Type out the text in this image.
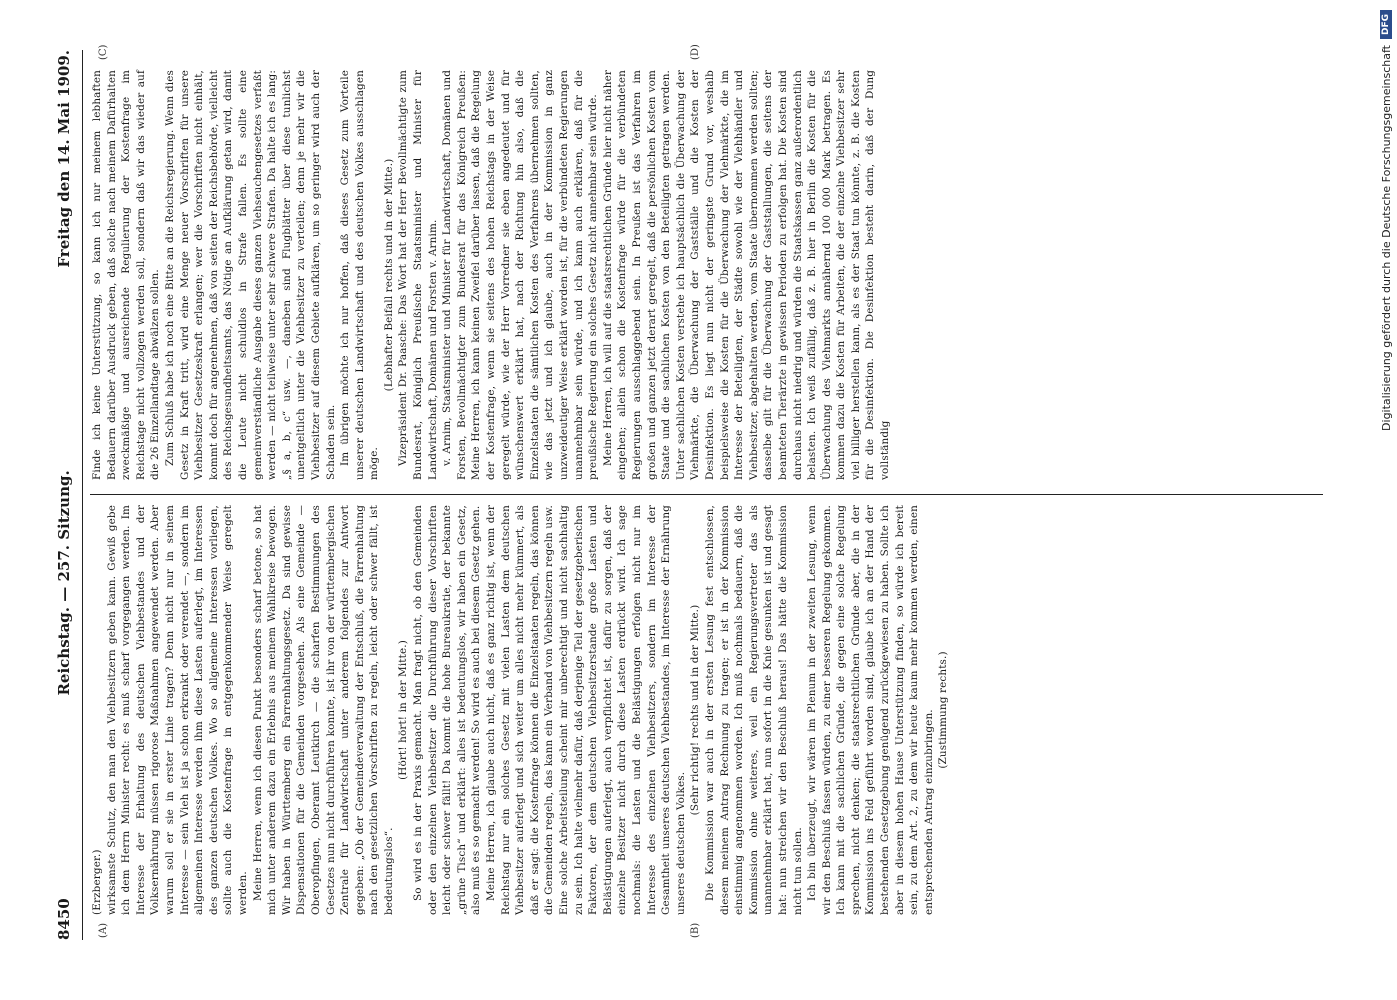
8450
Reichstag. — 257. Sitzung.
Freitag den 14. Mai 1909.
(A)	(B)
(C)	(D)

(Erzberger.) wirksamste Schutz, den man den Viehbesitzern geben kann. Gewiß gebe ich dem Herrn Minister recht: es muß scharf vorgegangen werden. Im Interesse der Erhaltung des deutschen Viehbestandes und der Volksernährung müssen rigorose Maßnahmen angewendet werden. Aber warum soll er sie in erster Linie tragen? Denn nicht nur in seinem Interesse — sein Vieh ist ja schon erkrankt oder verendet —, sondern im allgemeinen Interesse werden ihm diese Lasten auferlegt, im Interessen des ganzen deutschen Volkes. Wo so allgemeine Interessen vorliegen, sollte auch die Kostenfrage in entgegenkommender Weise geregelt werden. Meine Herren, wenn ich diesen Punkt besonders scharf betone, so hat mich unter anderem dazu ein Erlebnis aus meinem Wahlkreise bewogen. Wir haben in Württemberg ein Farrenhaltungsgesetz. Da sind gewisse Dispensationen für die Gemeinden vorgesehen. Als eine Gemeinde — Oberopfingen, Oberamt Leutkirch — die scharfen Bestimmungen des Gesetzes nun nicht durchführen konnte, ist ihr von der württembergischen Zentrale für Landwirtschaft unter anderem folgendes zur Antwort gegeben: „Ob der Gemeindeverwaltung der Entschluß, die Farrenhaltung nach den gesetzlichen Vorschriften zu regeln, leicht oder schwer fällt, ist bedeutungslos“.

(Hört! hört! in der Mitte.) So wird es in der Praxis gemacht. Man fragt nicht, ob den Gemeinden oder den einzelnen Viehbesitzer die Durchführung dieser Vorschriften leicht oder schwer fällt! Da kommt die hohe Bureaukratie, der bekannte „grüne Tisch“ und erklärt: alles ist bedeutungslos, wir haben ein Gesetz, also muß es so gemacht werden! So wird es auch bei diesem Gesetz gehen. Meine Herren, ich glaube auch nicht, daß es ganz richtig ist, wenn der Reichstag nur ein solches Gesetz mit vielen Lasten dem deutschen Viehbesitzer auferlegt und sich weiter um alles nicht mehr kümmert, als daß er sagt: die Kostenfrage können die Einzelstaaten regeln, das können die Gemeinden regeln, das kann ein Verband von Viehbesitzern regeln usw. Eine solche Arbeitsteilung scheint mir unberechtigt und nicht sachhaltig zu sein. Ich halte vielmehr dafür, daß derjenige Teil der gesetzgeberischen Faktoren, der dem deutschen Viehbesitzerstande große Lasten und Belästigungen auferlegt, auch verpflichtet ist, dafür zu sorgen, daß der einzelne Besitzer nicht durch diese Lasten erdrückt wird. Ich sage nochmals: die Lasten und die Belästigungen erfolgen nicht nur im Interesse des einzelnen Viehbesitzers, sondern im Interesse der Gesamtheit unseres deutschen Viehbestandes, im Interesse der Ernährung unseres deutschen Volkes.

(Sehr richtig! rechts und in der Mitte.) Die Kommission war auch in der ersten Lesung fest entschlossen, diesem meinem Antrag Rechnung zu tragen; er ist in der Kommission einstimmig angenommen worden. Ich muß nochmals bedauern, daß die Kommission ohne weiteres, weil ein Regierungsvertreter das als unannehmbar erklärt hat, nun sofort in die Knie gesunken ist und gesagt hat: nun streichen wir den Beschluß heraus! Das hätte die Kommission nicht tun sollen. Ich bin überzeugt, wir wären im Plenum in der zweiten Lesung, wenn wir den Beschluß fassen würden, zu einer besseren Regelung gekommen. Ich kann mit die sachlichen Gründe, die gegen eine solche Regelung sprechen, nicht denken; die staatsrechtlichen Gründe aber, die in der Kommission ins Feld geführt worden sind, glaube ich an der Hand der bestehenden Gesetzgebung genügend zurückgewiesen zu haben. Sollte ich aber in diesem hohen Hause Unterstützung finden, so würde ich bereit sein, zu dem Art. 2, zu dem wir heute kaum mehr kommen werden, einen entsprechenden Antrag einzubringen. (Zustimmung rechts.)

Finde ich keine Unterstützung, so kann ich nur meinem lebhaften Bedauern darüber Ausdruck geben, daß solche nach meinem Dafürhalten zweckmäßige und ausreichende Regulierung der Kostenfrage im Reichstage nicht vollzogen werden soll, sondern daß wir das wieder auf die 26 Einzellandtage abwälzen sollen. Zum Schluß habe ich noch eine Bitte an die Reichsregierung. Wenn dies Gesetz in Kraft tritt, wird eine Menge neuer Vorschriften für unsere Viehbesitzer Gesetzeskraft erlangen; wer die Vorschriften nicht einhält, kommt doch für angenehmen, daß von seiten der Reichsbehörde, vielleicht des Reichsgesundheitsamts, das Nötige an Aufklärung getan wird, damit die Leute nicht schuldlos in Strafe fallen. Es sollte eine gemeinverständliche Ausgabe dieses ganzen Viehseuchengesetzes verfaßt werden — nicht teilweise unter sehr schwere Strafen. Da halte ich es lang: „§ a, b, c“ usw. —, daneben sind Flugblätter über diese tunlichst unentgeltlich unter die Viehbesitzer zu verteilen; denn je mehr wir die Viehbesitzer auf diesem Gebiete aufklären, um so geringer wird auch der Schaden sein. Im übrigen möchte ich nur hoffen, daß dieses Gesetz zum Vorteile unserer deutschen Landwirtschaft und des deutschen Volkes ausschlagen möge.

(Lebhafter Beifall rechts und in der Mitte.) Vizepräsident Dr. Paasche: Das Wort hat der Herr Bevollmächtigte zum Bundesrat, Königlich Preußische Staatsminister und Minister für Landwirtschaft, Domänen und Forsten v. Arnim. v. Arnim, Staatsminister und Minister für Landwirtschaft, Domänen und Forsten, Bevollmächtigter zum Bundesrat für das Königreich Preußen: Meine Herren, ich kann keinen Zweifel darüber lassen, daß die Regelung der Kostenfrage, wenn sie seitens des hohen Reichstags in der Weise geregelt würde, wie der Herr Vorredner sie eben angedeutet und für wünschenswert erklärt hat, nach der Richtung hin also, daß die Einzelstaaten die sämtlichen Kosten des Verfahrens übernehmen sollten, wie das jetzt und ich glaube, auch in der Kommission in ganz unzweideutiger Weise erklärt worden ist, für die verbündeten Regierungen unannehmbar sein würde, und ich kann auch erklären, daß für die preußische Regierung ein solches Gesetz nicht annehmbar sein würde. Meine Herren, ich will auf die staatsrechtlichen Gründe hier nicht näher eingehen; allein schon die Kostenfrage würde für die verbündeten Regierungen ausschlaggebend sein. In Preußen ist das Verfahren im großen und ganzen jetzt derart geregelt, daß die persönlichen Kosten vom Staate und die sachlichen Kosten von den Beteiligten getragen werden. Unter sachlichen Kosten verstehe ich hauptsächlich die Überwachung der Viehmärkte, die Überwachung der Gastställe und die Kosten der Desinfektion. Es liegt nun nicht der geringste Grund vor, weshalb beispielsweise die Kosten für die Überwachung der Viehmärkte, die im Interesse der Beteiligten, der Städte sowohl wie der Viehhändler und Viehbesitzer, abgehalten werden, vom Staate übernommen werden sollten; dasselbe gilt für die Überwachung der Gaststallungen, die seitens der beamteten Tierärzte in gewissen Perioden zu erfolgen hat. Die Kosten sind durchaus nicht niedrig und würden die Staatskassen ganz außerordentlich belasten. Ich weiß zufällig, daß z. B. hier in Berlin die Kosten für die Überwachung des Viehmarkts annähernd 100 000 Mark betragen. Es kommen dazu die Kosten für Arbeiten, die der einzelne Viehbesitzer sehr viel billiger herstellen kann, als es der Staat tun könnte, z. B. die Kosten für die Desinfektion. Die Desinfektion besteht darin, daß der Dung vollständig

Digitalisierung gefördert durch die Deutsche Forschungsgemeinschaft
DFG
